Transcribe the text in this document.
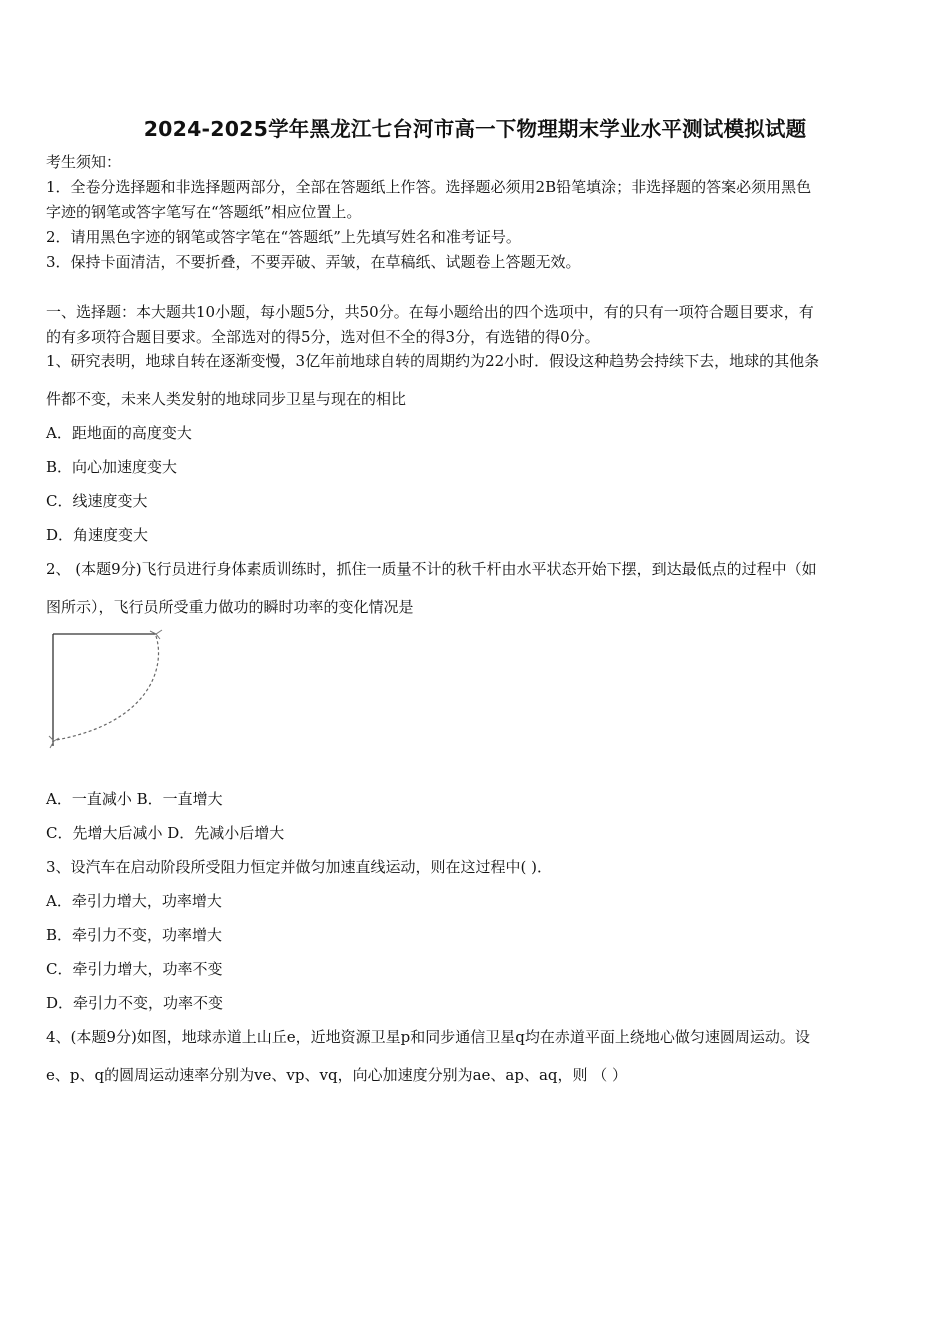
2024-2025学年黑龙江七台河市高一下物理期末学业水平测试模拟试题
考生须知：
1．全卷分选择题和非选择题两部分，全部在答题纸上作答。选择题必须用2B铅笔填涂；非选择题的答案必须用黑色
字迹的钢笔或答字笔写在“答题纸”相应位置上。
2．请用黑色字迹的钢笔或答字笔在“答题纸”上先填写姓名和准考证号。
3．保持卡面清洁，不要折叠，不要弄破、弄皱，在草稿纸、试题卷上答题无效。
一、选择题：本大题共10小题，每小题5分，共50分。在每小题给出的四个选项中，有的只有一项符合题目要求，有
的有多项符合题目要求。全部选对的得5分，选对但不全的得3分，有选错的得0分。
1、研究表明，地球自转在逐渐变慢，3亿年前地球自转的周期约为22小时．假设这种趋势会持续下去，地球的其他条
件都不变，未来人类发射的地球同步卫星与现在的相比
A．距地面的高度变大
B．向心加速度变大
C．线速度变大
D．角速度变大
2、 (本题9分)飞行员进行身体素质训练时，抓住一质量不计的秋千杆由水平状态开始下摆，到达最低点的过程中（如
图所示），飞行员所受重力做功的瞬时功率的变化情况是
A．一直减小 B．一直增大
C．先增大后减小 D．先减小后增大
3、设汽车在启动阶段所受阻力恒定并做匀加速直线运动，则在这过程中( )．
A．牵引力增大，功率增大
B．牵引力不变，功率增大
C．牵引力增大，功率不变
D．牵引力不变，功率不变
4、(本题9分)如图，地球赤道上山丘e，近地资源卫星p和同步通信卫星q均在赤道平面上绕地心做匀速圆周运动。设
e、p、q的圆周运动速率分别为ve、vp、vq，向心加速度分别为ae、ap、aq，则 （ ）
